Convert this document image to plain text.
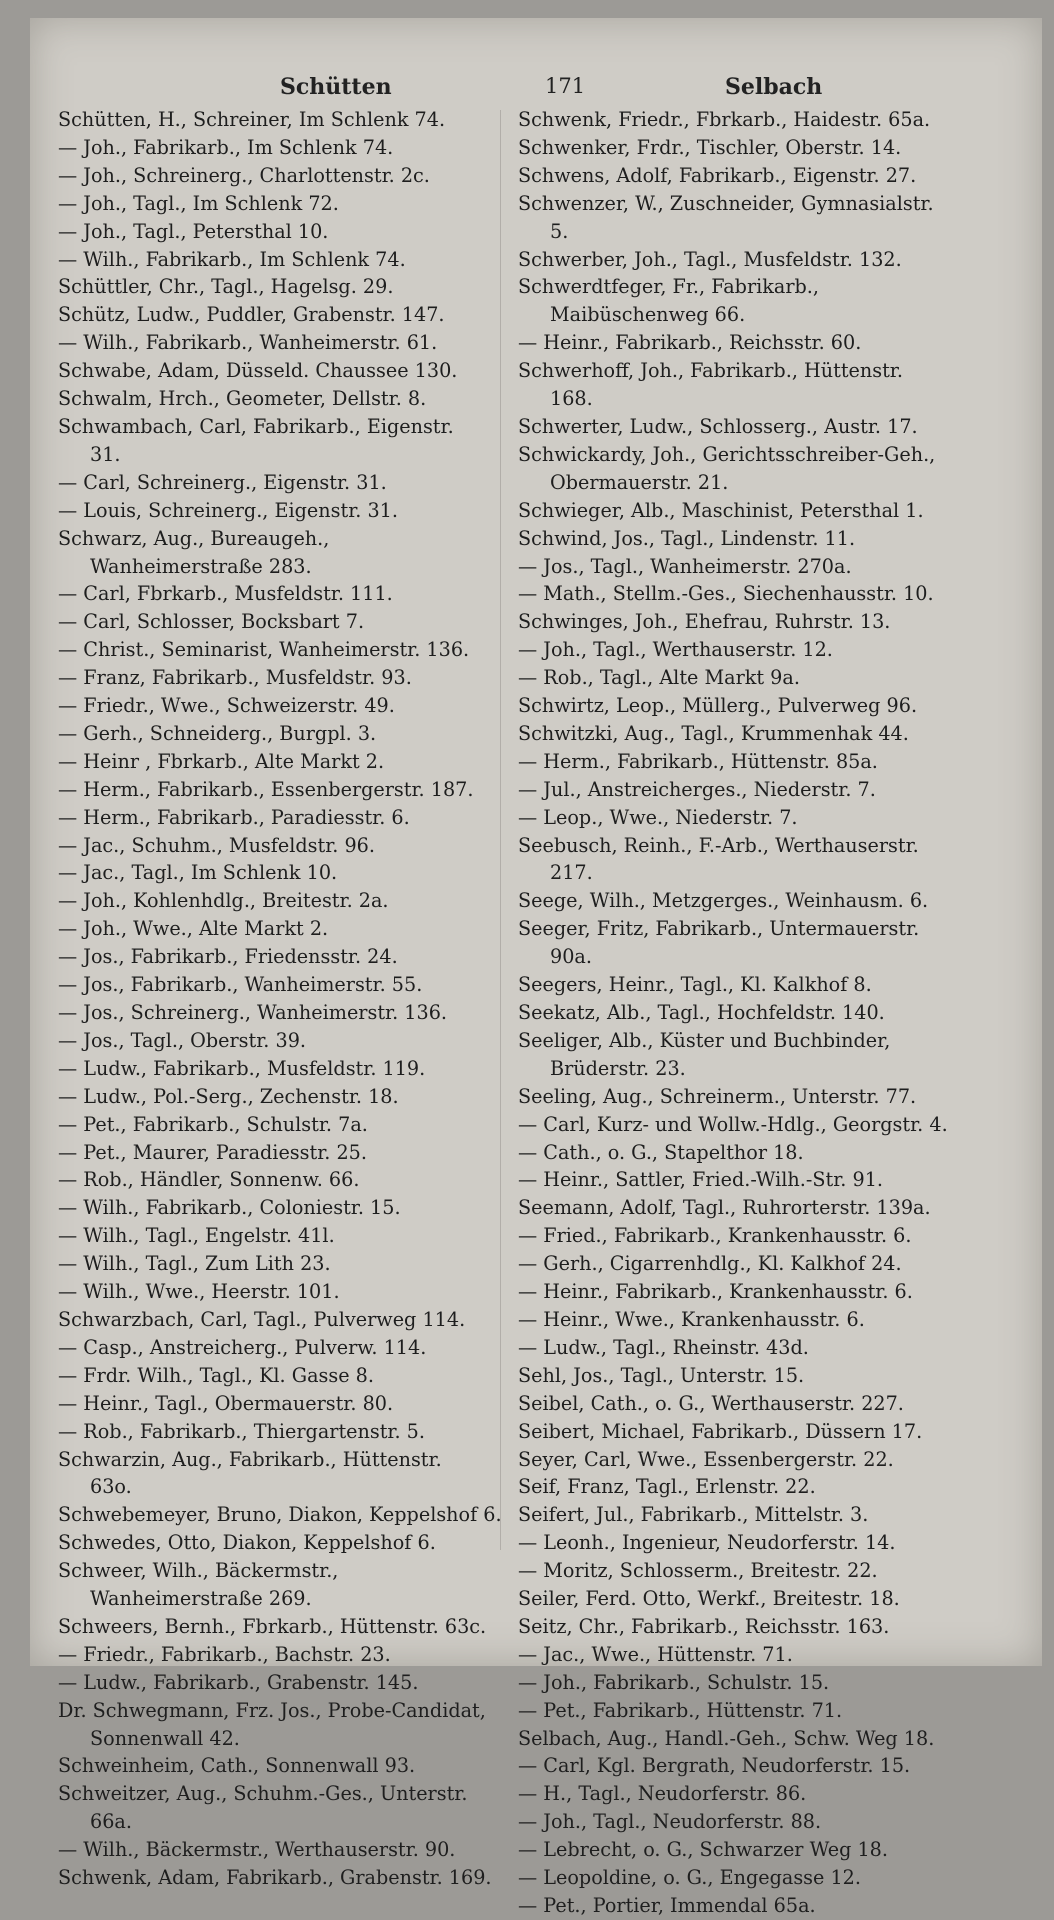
Schütten	171	Selbach
Schütten, H., Schreiner, Im Schlenk 74.
— Joh., Fabrikarb., Im Schlenk 74.
— Joh., Schreinerg., Charlottenstr. 2c.
— Joh., Tagl., Im Schlenk 72.
— Joh., Tagl., Petersthal 10.
— Wilh., Fabrikarb., Im Schlenk 74.
Schüttler, Chr., Tagl., Hagelsg. 29.
Schütz, Ludw., Puddler, Grabenstr. 147.
— Wilh., Fabrikarb., Wanheimerstr. 61.
Schwabe, Adam, Düsseld. Chaussee 130.
Schwalm, Hrch., Geometer, Dellstr. 8.
Schwambach, Carl, Fabrikarb., Eigenstr. 31.
— Carl, Schreinerg., Eigenstr. 31.
— Louis, Schreinerg., Eigenstr. 31.
Schwarz, Aug., Bureaugeh., Wanheimerstraße 283.
— Carl, Fbrkarb., Musfeldstr. 111.
— Carl, Schlosser, Bocksbart 7.
— Christ., Seminarist, Wanheimerstr. 136.
— Franz, Fabrikarb., Musfeldstr. 93.
— Friedr., Wwe., Schweizerstr. 49.
— Gerh., Schneiderg., Burgpl. 3.
— Heinr , Fbrkarb., Alte Markt 2.
— Herm., Fabrikarb., Essenbergerstr. 187.
— Herm., Fabrikarb., Paradiesstr. 6.
— Jac., Schuhm., Musfeldstr. 96.
— Jac., Tagl., Im Schlenk 10.
— Joh., Kohlenhdlg., Breitestr. 2a.
— Joh., Wwe., Alte Markt 2.
— Jos., Fabrikarb., Friedensstr. 24.
— Jos., Fabrikarb., Wanheimerstr. 55.
— Jos., Schreinerg., Wanheimerstr. 136.
— Jos., Tagl., Oberstr. 39.
— Ludw., Fabrikarb., Musfeldstr. 119.
— Ludw., Pol.-Serg., Zechenstr. 18.
— Pet., Fabrikarb., Schulstr. 7a.
— Pet., Maurer, Paradiesstr. 25.
— Rob., Händler, Sonnenw. 66.
— Wilh., Fabrikarb., Coloniestr. 15.
— Wilh., Tagl., Engelstr. 41l.
— Wilh., Tagl., Zum Lith 23.
— Wilh., Wwe., Heerstr. 101.
Schwarzbach, Carl, Tagl., Pulverweg 114.
— Casp., Anstreicherg., Pulverw. 114.
— Frdr. Wilh., Tagl., Kl. Gasse 8.
— Heinr., Tagl., Obermauerstr. 80.
— Rob., Fabrikarb., Thiergartenstr. 5.
Schwarzin, Aug., Fabrikarb., Hüttenstr. 63o.
Schwebemeyer, Bruno, Diakon, Keppelshof 6.
Schwedes, Otto, Diakon, Keppelshof 6.
Schweer, Wilh., Bäckermstr., Wanheimerstraße 269.
Schweers, Bernh., Fbrkarb., Hüttenstr. 63c.
— Friedr., Fabrikarb., Bachstr. 23.
— Ludw., Fabrikarb., Grabenstr. 145.
Dr. Schwegmann, Frz. Jos., Probe-Candidat, Sonnenwall 42.
Schweinheim, Cath., Sonnenwall 93.
Schweitzer, Aug., Schuhm.-Ges., Unterstr. 66a.
— Wilh., Bäckermstr., Werthauserstr. 90.
Schwenk, Adam, Fabrikarb., Grabenstr. 169.
Schwenk, Friedr., Fbrkarb., Haidestr. 65a.
Schwenker, Frdr., Tischler, Oberstr. 14.
Schwens, Adolf, Fabrikarb., Eigenstr. 27.
Schwenzer, W., Zuschneider, Gymnasialstr. 5.
Schwerber, Joh., Tagl., Musfeldstr. 132.
Schwerdtfeger, Fr., Fabrikarb., Maibüschenweg 66.
— Heinr., Fabrikarb., Reichsstr. 60.
Schwerhoff, Joh., Fabrikarb., Hüttenstr. 168.
Schwerter, Ludw., Schlosserg., Austr. 17.
Schwickardy, Joh., Gerichtsschreiber-Geh., Obermauerstr. 21.
Schwieger, Alb., Maschinist, Petersthal 1.
Schwind, Jos., Tagl., Lindenstr. 11.
— Jos., Tagl., Wanheimerstr. 270a.
— Math., Stellm.-Ges., Siechenhausstr. 10.
Schwinges, Joh., Ehefrau, Ruhrstr. 13.
— Joh., Tagl., Werthauserstr. 12.
— Rob., Tagl., Alte Markt 9a.
Schwirtz, Leop., Müllerg., Pulverweg 96.
Schwitzki, Aug., Tagl., Krummenhak 44.
— Herm., Fabrikarb., Hüttenstr. 85a.
— Jul., Anstreicherges., Niederstr. 7.
— Leop., Wwe., Niederstr. 7.
Seebusch, Reinh., F.-Arb., Werthauserstr. 217.
Seege, Wilh., Metzgerges., Weinhausm. 6.
Seeger, Fritz, Fabrikarb., Untermauerstr. 90a.
Seegers, Heinr., Tagl., Kl. Kalkhof 8.
Seekatz, Alb., Tagl., Hochfeldstr. 140.
Seeliger, Alb., Küster und Buchbinder, Brüderstr. 23.
Seeling, Aug., Schreinerm., Unterstr. 77.
— Carl, Kurz- und Wollw.-Hdlg., Georgstr. 4.
— Cath., o. G., Stapelthor 18.
— Heinr., Sattler, Fried.-Wilh.-Str. 91.
Seemann, Adolf, Tagl., Ruhrorterstr. 139a.
— Fried., Fabrikarb., Krankenhausstr. 6.
— Gerh., Cigarrenhdlg., Kl. Kalkhof 24.
— Heinr., Fabrikarb., Krankenhausstr. 6.
— Heinr., Wwe., Krankenhausstr. 6.
— Ludw., Tagl., Rheinstr. 43d.
Sehl, Jos., Tagl., Unterstr. 15.
Seibel, Cath., o. G., Werthauserstr. 227.
Seibert, Michael, Fabrikarb., Düssern 17.
Seyer, Carl, Wwe., Essenbergerstr. 22.
Seif, Franz, Tagl., Erlenstr. 22.
Seifert, Jul., Fabrikarb., Mittelstr. 3.
— Leonh., Ingenieur, Neudorferstr. 14.
— Moritz, Schlosserm., Breitestr. 22.
Seiler, Ferd. Otto, Werkf., Breitestr. 18.
Seitz, Chr., Fabrikarb., Reichsstr. 163.
— Jac., Wwe., Hüttenstr. 71.
— Joh., Fabrikarb., Schulstr. 15.
— Pet., Fabrikarb., Hüttenstr. 71.
Selbach, Aug., Handl.-Geh., Schw. Weg 18.
— Carl, Kgl. Bergrath, Neudorferstr. 15.
— H., Tagl., Neudorferstr. 86.
— Joh., Tagl., Neudorferstr. 88.
— Lebrecht, o. G., Schwarzer Weg 18.
— Leopoldine, o. G., Engegasse 12.
— Pet., Portier, Immendal 65a.
